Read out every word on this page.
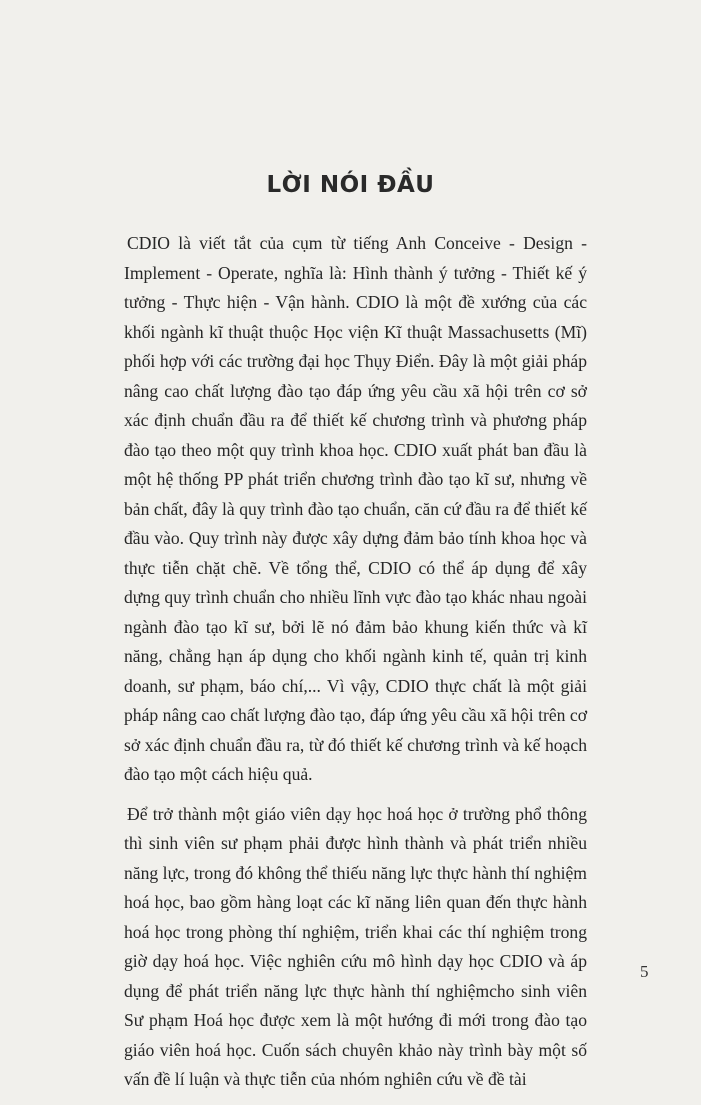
LỜI NÓI ĐẦU

CDIO là viết tắt của cụm từ tiếng Anh Conceive - Design - Implement - Operate, nghĩa là: Hình thành ý tưởng - Thiết kế ý tưởng - Thực hiện - Vận hành. CDIO là một đề xướng của các khối ngành kĩ thuật thuộc Học viện Kĩ thuật Massachusetts (Mĩ) phối hợp với các trường đại học Thụy Điển. Đây là một giải pháp nâng cao chất lượng đào tạo đáp ứng yêu cầu xã hội trên cơ sở xác định chuẩn đầu ra để thiết kế chương trình và phương pháp đào tạo theo một quy trình khoa học. CDIO xuất phát ban đầu là một hệ thống PP phát triển chương trình đào tạo kĩ sư, nhưng về bản chất, đây là quy trình đào tạo chuẩn, căn cứ đầu ra để thiết kế đầu vào. Quy trình này được xây dựng đảm bảo tính khoa học và thực tiễn chặt chẽ. Về tổng thể, CDIO có thể áp dụng để xây dựng quy trình chuẩn cho nhiều lĩnh vực đào tạo khác nhau ngoài ngành đào tạo kĩ sư, bởi lẽ nó đảm bảo khung kiến thức và kĩ năng, chẳng hạn áp dụng cho khối ngành kinh tế, quản trị kinh doanh, sư phạm, báo chí,... Vì vậy, CDIO thực chất là một giải pháp nâng cao chất lượng đào tạo, đáp ứng yêu cầu xã hội trên cơ sở xác định chuẩn đầu ra, từ đó thiết kế chương trình và kế hoạch đào tạo một cách hiệu quả.

Để trở thành một giáo viên dạy học hoá học ở trường phổ thông thì sinh viên sư phạm phải được hình thành và phát triển nhiều năng lực, trong đó không thể thiếu năng lực thực hành thí nghiệm hoá học, bao gồm hàng loạt các kĩ năng liên quan đến thực hành hoá học trong phòng thí nghiệm, triển khai các thí nghiệm trong giờ dạy hoá học. Việc nghiên cứu mô hình dạy học CDIO và áp dụng để phát triển năng lực thực hành thí nghiệmcho sinh viên Sư phạm Hoá học được xem là một hướng đi mới trong đào tạo giáo viên hoá học. Cuốn sách chuyên khảo này trình bày một số vấn đề lí luận và thực tiễn của nhóm nghiên cứu về đề tài

5
